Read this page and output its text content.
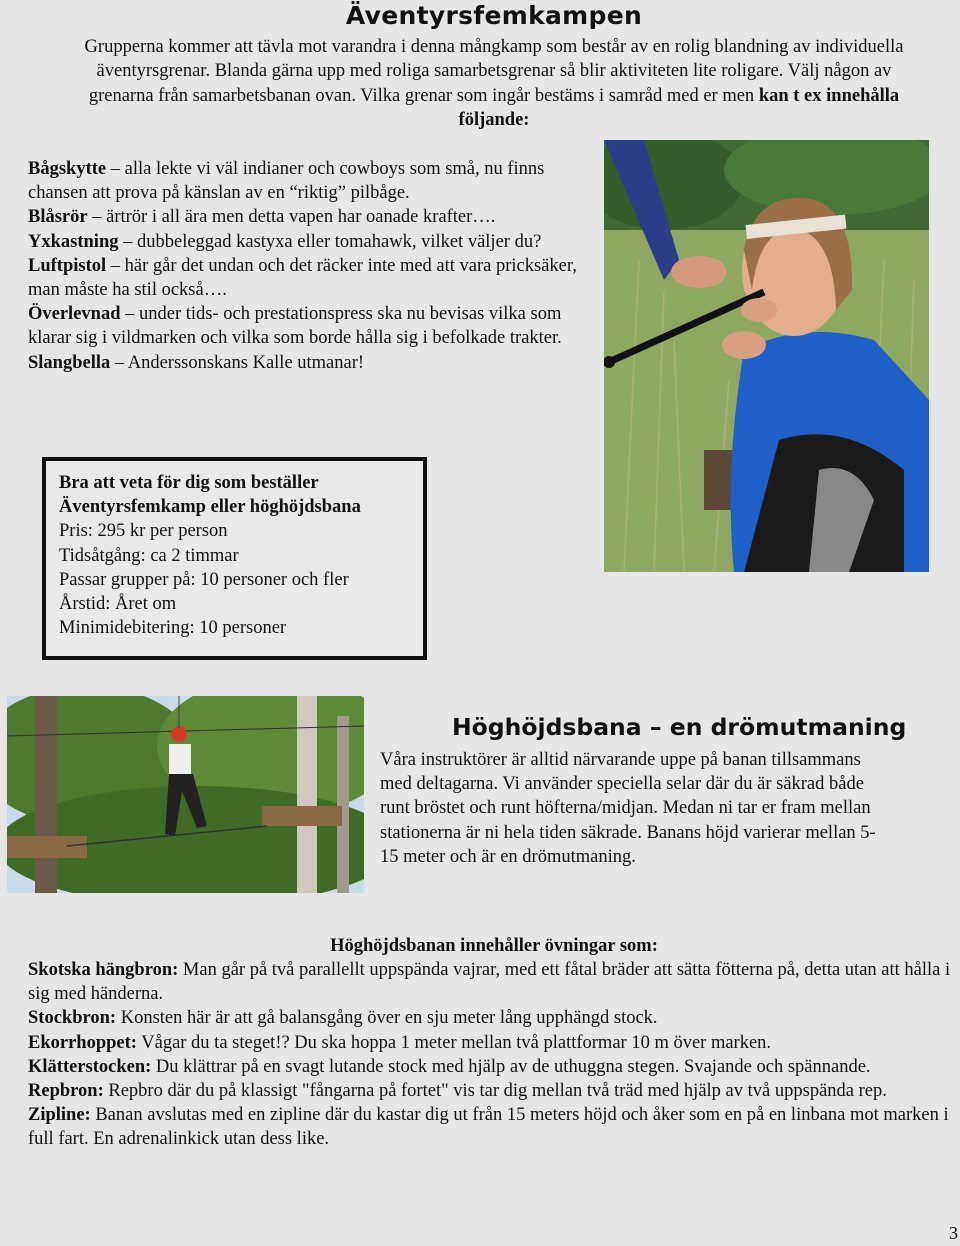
Äventyrsfemkampen
Grupperna kommer att tävla mot varandra i denna mångkamp som består av en rolig blandning av individuella
äventyrsgrenar. Blanda gärna upp med roliga samarbetsgrenar så blir aktiviteten lite roligare. Välj någon av
grenarna från samarbetsbanan ovan. Vilka grenar som ingår bestäms i samråd med er men kan t ex innehålla
följande:

Bågskytte – alla lekte vi väl indianer och cowboys som små, nu finns chansen att prova på känslan av en “riktig” pilbåge.

Blåsrör – ärtrör i all ära men detta vapen har oanade krafter….

Yxkastning – dubbeleggad kastyxa eller tomahawk, vilket väljer du?

Luftpistol – här går det undan och det räcker inte med att vara pricksäker, man måste ha stil också….

Överlevnad – under tids- och prestationspress ska nu bevisas vilka som klarar sig i vildmarken och vilka som borde hålla sig i befolkade trakter.

Slangbella – Anderssonskans Kalle utmanar!

Bra att veta för dig som beställer
Äventyrsfemkamp eller höghöjdsbana
Pris: 295 kr per person
Tidsåtgång: ca 2 timmar
Passar grupper på: 10 personer och fler
Årstid: Året om
Minimidebitering: 10 personer
Höghöjdsbana – en drömutmaning
Våra instruktörer är alltid närvarande uppe på banan tillsammans
med deltagarna. Vi använder speciella selar där du är säkrad både
runt bröstet och runt höfterna/midjan. Medan ni tar er fram mellan
stationerna är ni hela tiden säkrade. Banans höjd varierar mellan 5-
15 meter och är en drömutmaning.
Höghöjdsbanan innehåller övningar som:

Skotska hängbron: Man går på två parallellt uppspända vajrar, med ett fåtal bräder att sätta fötterna på, detta utan att hålla i sig med händerna.

Stockbron: Konsten här är att gå balansgång över en sju meter lång upphängd stock.

Ekorrhoppet: Vågar du ta steget!? Du ska hoppa 1 meter mellan två plattformar 10 m över marken.

Klätterstocken: Du klättrar på en svagt lutande stock med hjälp av de uthuggna stegen. Svajande och spännande.

Repbron: Repbro där du på klassigt "fångarna på fortet" vis tar dig mellan två träd med hjälp av två uppspända rep.

Zipline: Banan avslutas med en zipline där du kastar dig ut från 15 meters höjd och åker som en på en linbana mot marken i full fart. En adrenalinkick utan dess like.

3
